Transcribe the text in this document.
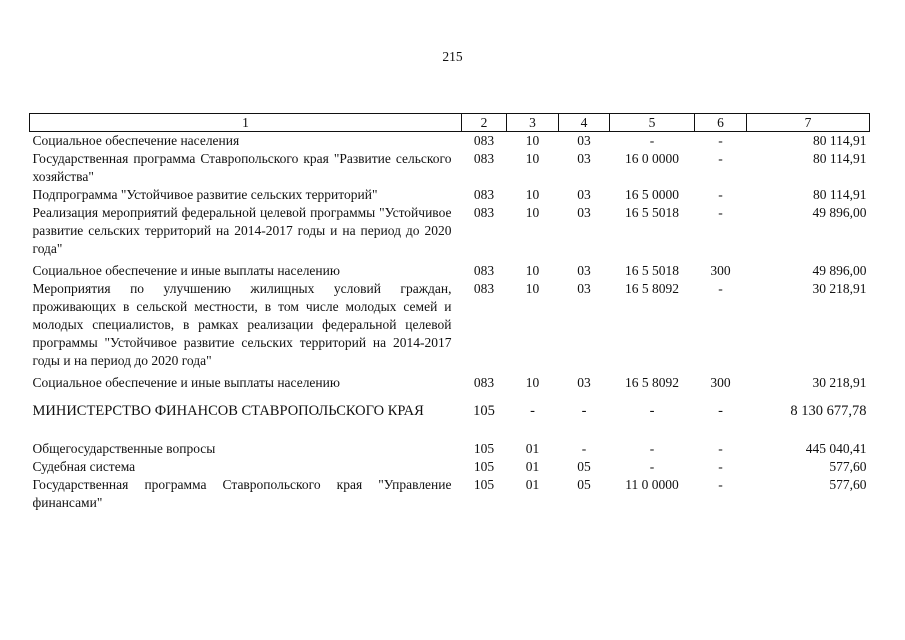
215
1	2	3	4	5	6	7
Социальное обеспечение населения	083	10	03	-	-	80 114,91
Государственная программа Ставропольского края "Развитие сельского хозяйства"	083	10	03	16 0 0000	-	80 114,91
Подпрограмма "Устойчивое развитие сельских территорий"	083	10	03	16 5 0000	-	80 114,91
Реализация мероприятий федеральной целевой программы "Устойчивое развитие сельских территорий на 2014-2017 годы и на период до 2020 года"	083	10	03	16 5 5018	-	49 896,00
Социальное обеспечение и иные выплаты населению	083	10	03	16 5 5018	300	49 896,00
Мероприятия по улучшению жилищных условий граждан, проживающих в сельской местности, в том числе молодых семей и молодых специалистов, в рамках реализации федеральной целевой программы "Устойчивое развитие сельских территорий на 2014-2017 годы и на период до 2020 года"	083	10	03	16 5 8092	-	30 218,91
Социальное обеспечение и иные выплаты населению	083	10	03	16 5 8092	300	30 218,91
МИНИСТЕРСТВО ФИНАНСОВ СТАВРОПОЛЬСКОГО КРАЯ	105	-	-	-	-	8 130 677,78
Общегосударственные вопросы	105	01	-	-	-	445 040,41
Судебная система	105	01	05	-	-	577,60
Государственная программа Ставропольского края "Управление финансами"	105	01	05	11 0 0000	-	577,60
